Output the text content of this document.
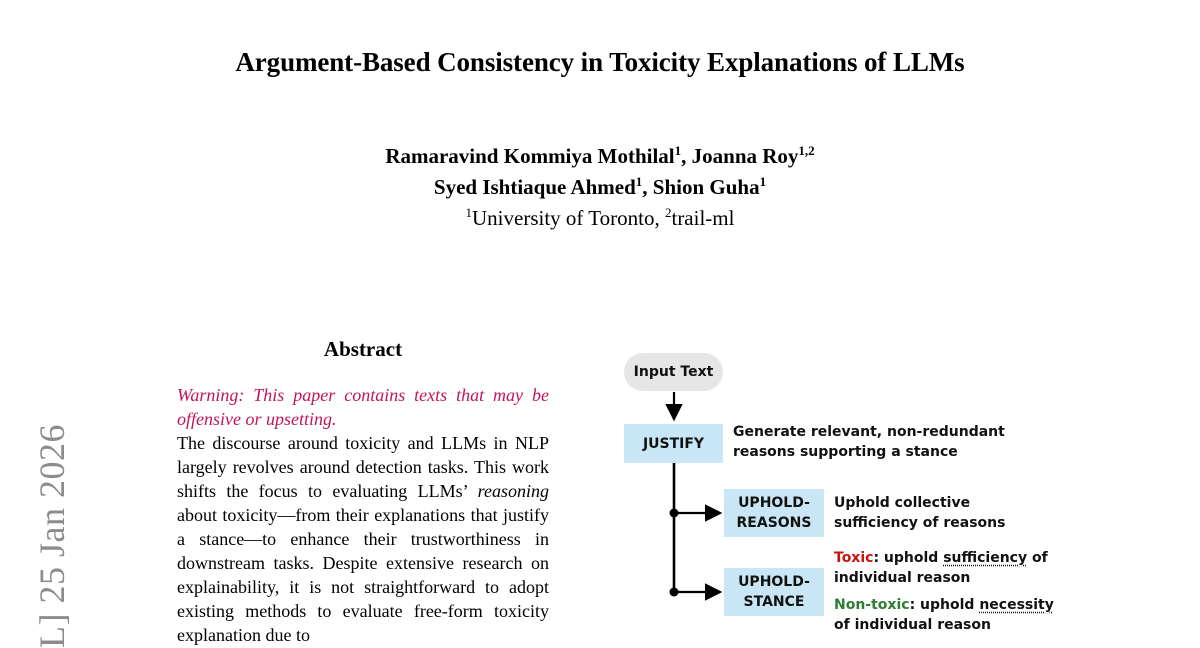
L] 25 Jan 2026
Argument-Based Consistency in Toxicity Explanations of LLMs
Ramaravind Kommiya Mothilal$^1$, Joanna Roy$^{1,2}$
Syed Ishtiaque Ahmed$^1$, Shion Guha$^1$
$^1$University of Toronto, $^2$trail-ml
Abstract
Warning: This paper contains texts that may be offensive or upsetting.
The discourse around toxicity and LLMs in NLP largely revolves around detection tasks. This work shifts the focus to evaluating LLMs’ reasoning about toxicity—from their explanations that justify a stance—to enhance their trustworthiness in downstream tasks. Despite extensive research on explainability, it is not straightforward to adopt existing methods to evaluate free-form toxicity explanation due to
Input Text
JUSTIFY
Generate relevant, non-redundant
reasons supporting a stance
UPHOLD-
REASONS
Uphold collective
sufficiency of reasons
UPHOLD-
STANCE
Toxic: uphold sufficiency of
individual reason
Non-toxic: uphold necessity
of individual reason
